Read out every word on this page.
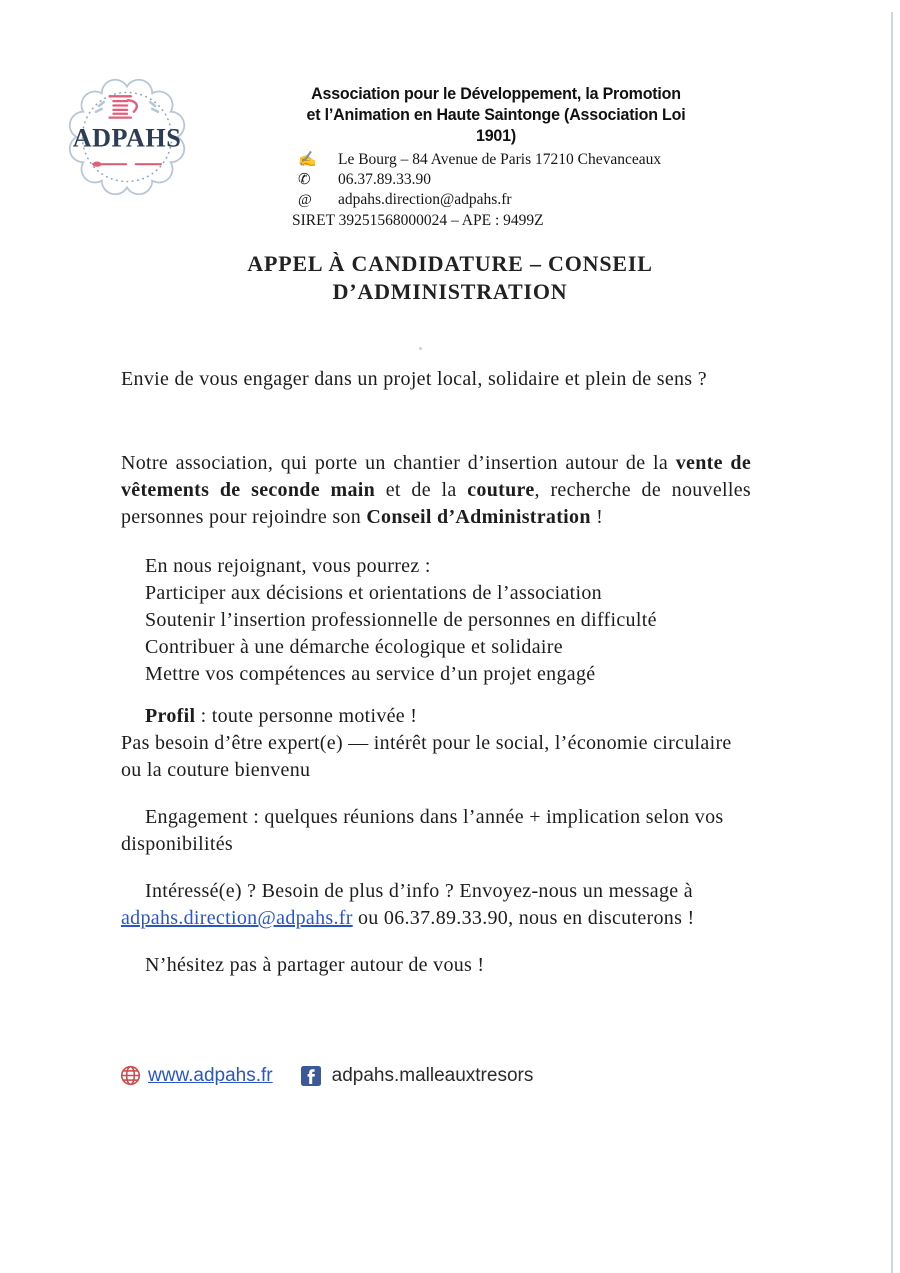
ADPAHS
Association pour le Développement, la Promotion
et l’Animation en Haute Saintonge (Association Loi 1901)
✍	Le Bourg – 84 Avenue de Paris 17210 Chevanceaux
✆	06.37.89.33.90
@	adpahs.direction@adpahs.fr
SIRET 39251568000024 – APE : 9499Z
APPEL À CANDIDATURE – CONSEIL
D’ADMINISTRATION

Envie de vous engager dans un projet local, solidaire et plein de sens ?

Notre association, qui porte un chantier d’insertion autour de la vente de vêtements de seconde main et de la couture, recherche de nouvelles personnes pour rejoindre son Conseil d’Administration !

En nous rejoignant, vous pourrez :
Participer aux décisions et orientations de l’association
Soutenir l’insertion professionnelle de personnes en difficulté
Contribuer à une démarche écologique et solidaire
Mettre vos compétences au service d’un projet engagé

Profil : toute personne motivée !

Pas besoin d’être expert(e) — intérêt pour le social, l’économie circulaire ou la couture bienvenu

Engagement : quelques réunions dans l’année + implication selon vos disponibilités

Intéressé(e) ? Besoin de plus d’info ? Envoyez-nous un message à adpahs.direction@adpahs.fr ou 06.37.89.33.90, nous en discuterons !

N’hésitez pas à partager autour de vous !

www.adpahs.fr	adpahs.malleauxtresors
